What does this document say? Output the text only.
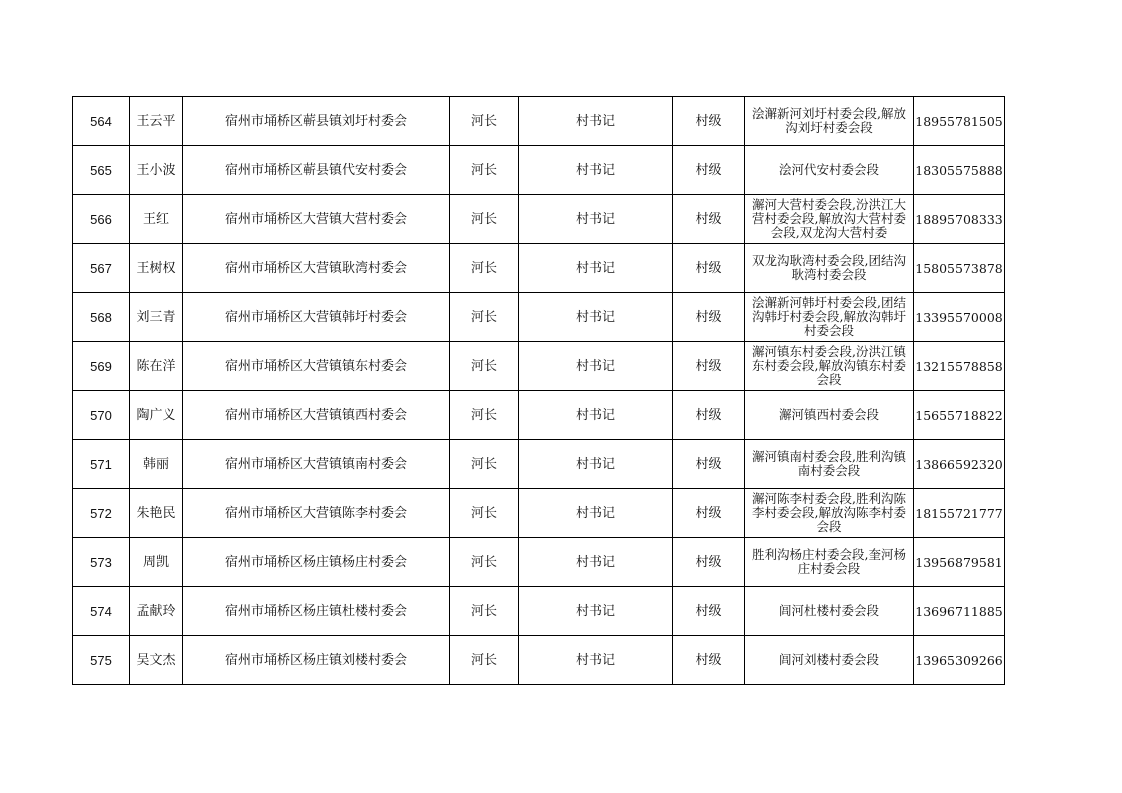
564	王云平	宿州市埇桥区蕲县镇刘圩村委会	河长	村书记	村级	浍澥新河刘圩村委会段,解放沟刘圩村委会段	18955781505
565	王小波	宿州市埇桥区蕲县镇代安村委会	河长	村书记	村级	浍河代安村委会段	18305575888
566	王红	宿州市埇桥区大营镇大营村委会	河长	村书记	村级	澥河大营村委会段,汾洪江大营村委会段,解放沟大营村委会段,双龙沟大营村委	18895708333
567	王树权	宿州市埇桥区大营镇耿湾村委会	河长	村书记	村级	双龙沟耿湾村委会段,团结沟耿湾村委会段	15805573878
568	刘三青	宿州市埇桥区大营镇韩圩村委会	河长	村书记	村级	浍澥新河韩圩村委会段,团结沟韩圩村委会段,解放沟韩圩村委会段	13395570008
569	陈在洋	宿州市埇桥区大营镇镇东村委会	河长	村书记	村级	澥河镇东村委会段,汾洪江镇东村委会段,解放沟镇东村委会段	13215578858
570	陶广义	宿州市埇桥区大营镇镇西村委会	河长	村书记	村级	澥河镇西村委会段	15655718822
571	韩丽	宿州市埇桥区大营镇镇南村委会	河长	村书记	村级	澥河镇南村委会段,胜利沟镇南村委会段	13866592320
572	朱艳民	宿州市埇桥区大营镇陈李村委会	河长	村书记	村级	澥河陈李村委会段,胜利沟陈李村委会段,解放沟陈李村委会段	18155721777
573	周凯	宿州市埇桥区杨庄镇杨庄村委会	河长	村书记	村级	胜利沟杨庄村委会段,奎河杨庄村委会段	13956879581
574	孟献玲	宿州市埇桥区杨庄镇杜楼村委会	河长	村书记	村级	闾河杜楼村委会段	13696711885
575	吴文杰	宿州市埇桥区杨庄镇刘楼村委会	河长	村书记	村级	闾河刘楼村委会段	13965309266
